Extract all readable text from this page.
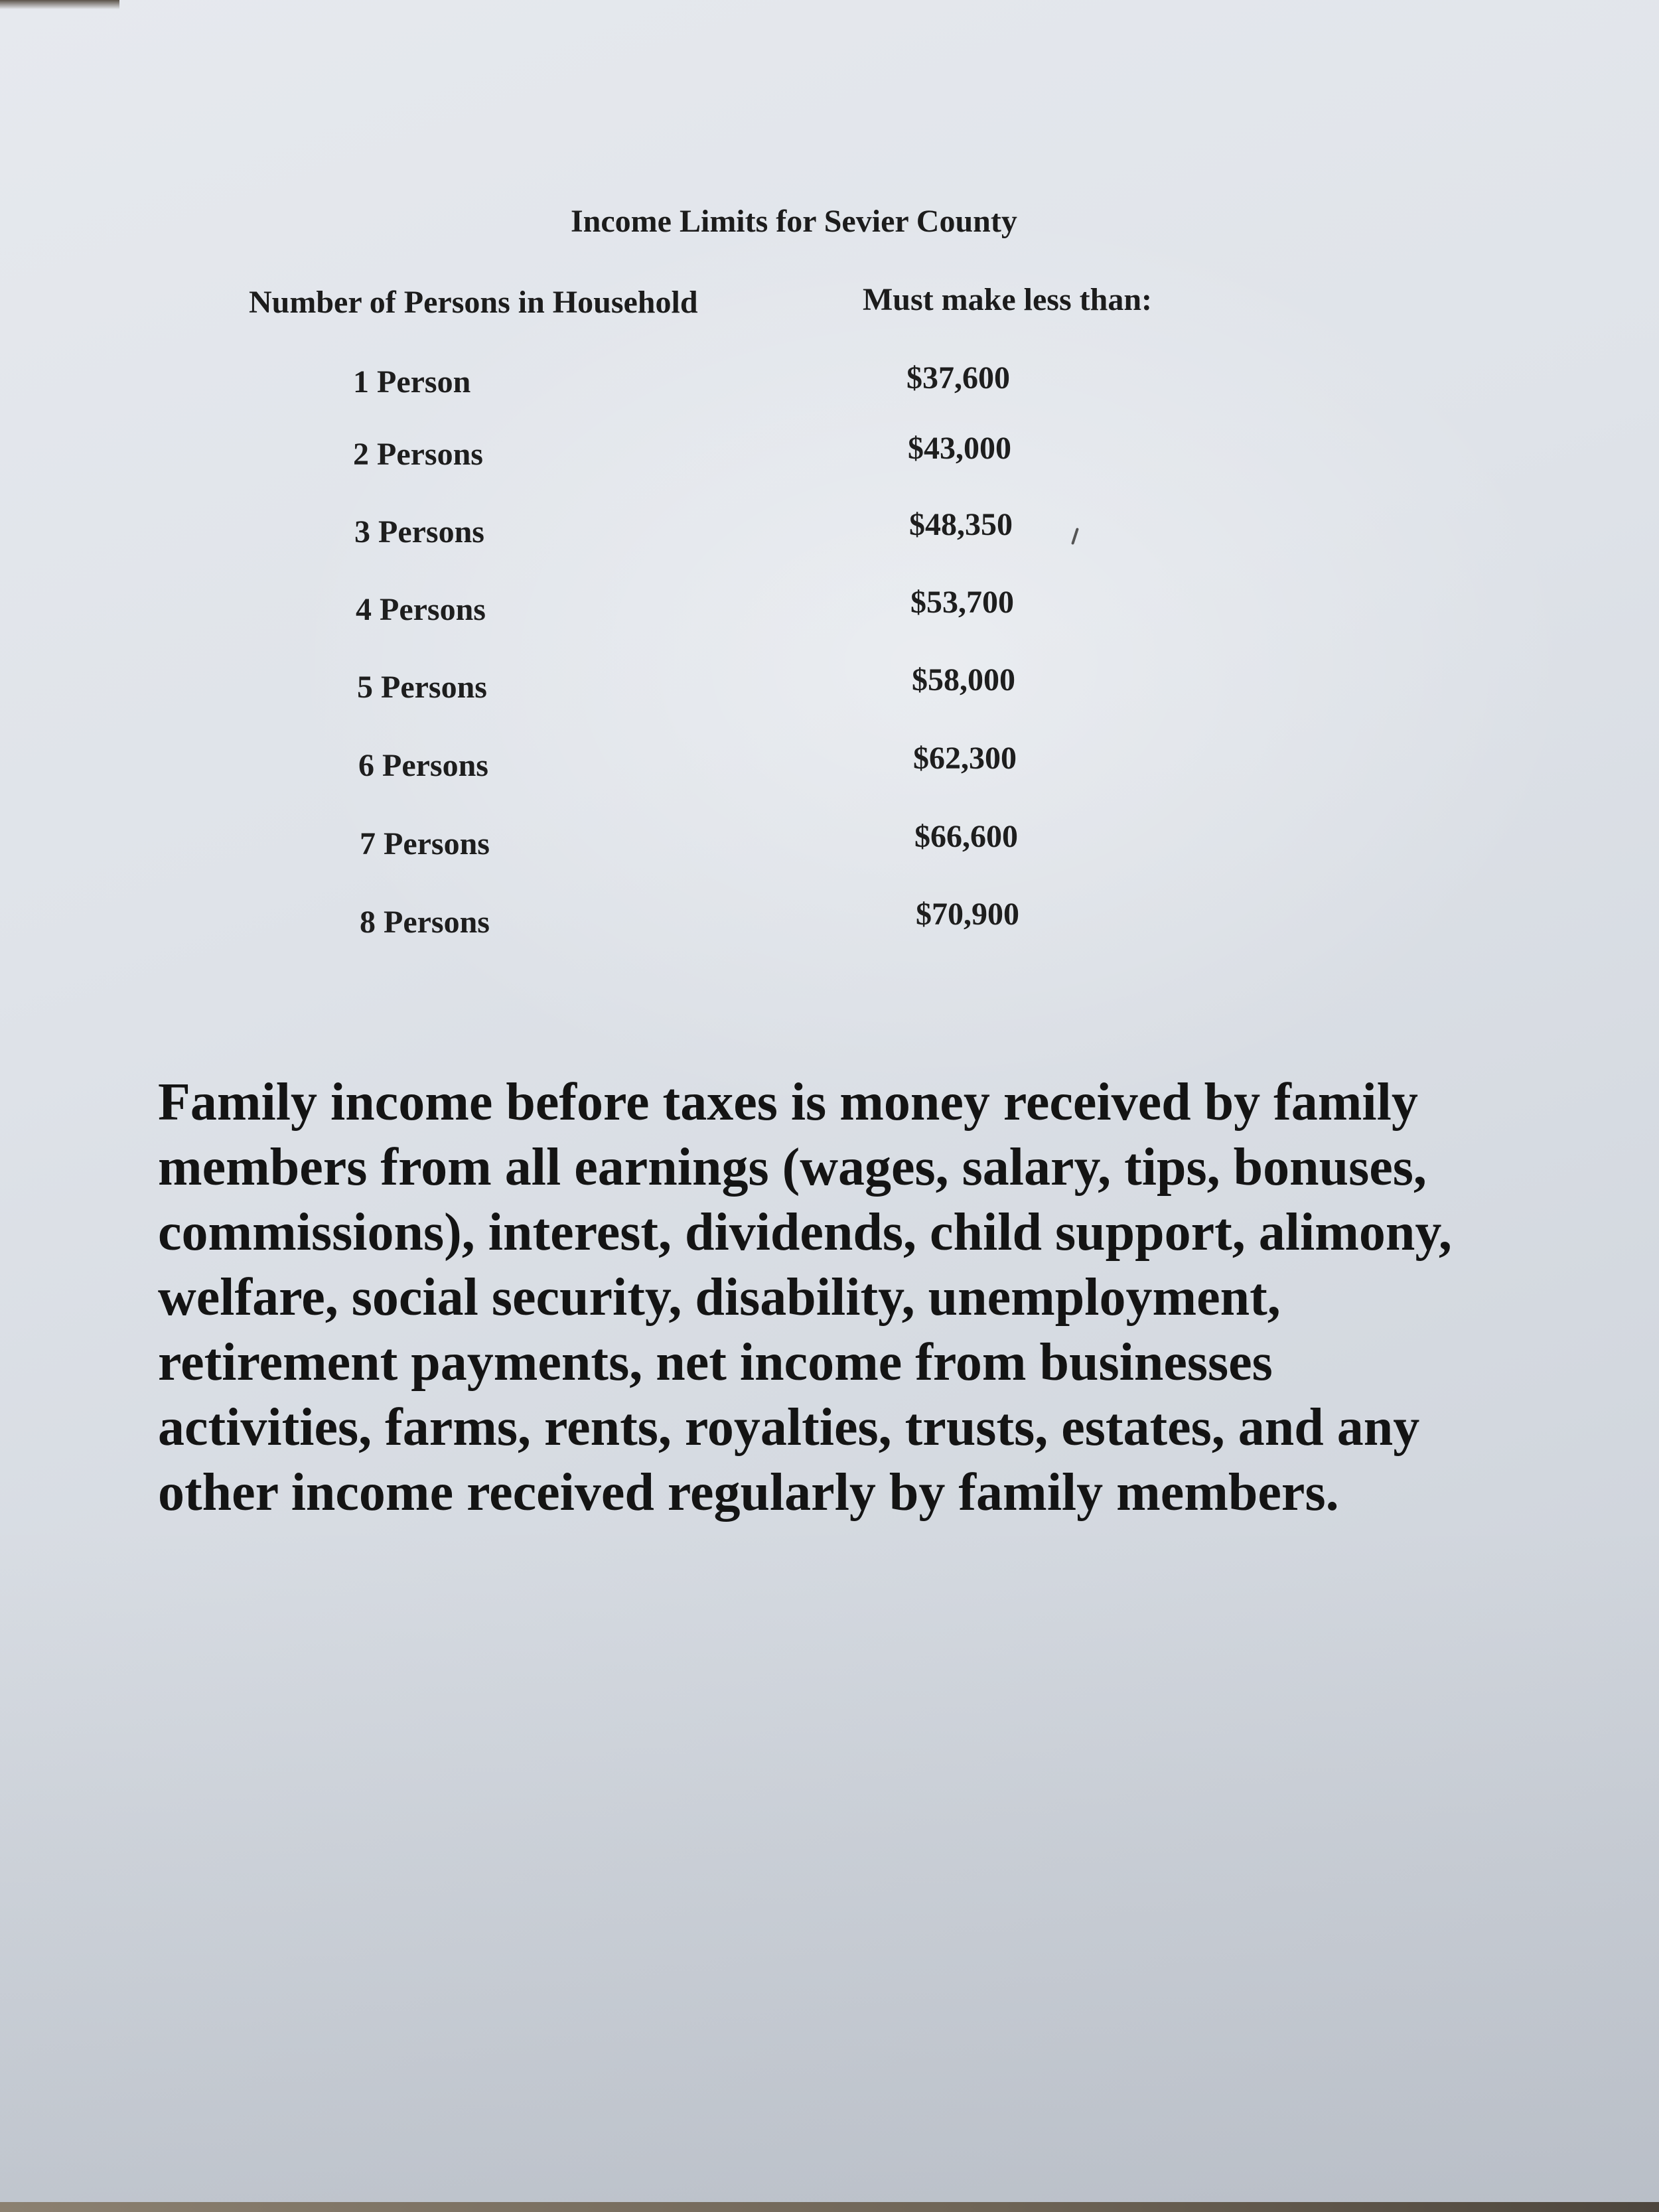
Income Limits for Sevier County
Number of Persons in Household	Must make less than:
1 Person	$37,600
2 Persons	$43,000
3 Persons	$48,350
4 Persons	$53,700
5 Persons	$58,000
6 Persons	$62,300
7 Persons	$66,600
8 Persons	$70,900

Family income before taxes is money received by family
members from all earnings (wages, salary, tips, bonuses,
commissions), interest, dividends, child support, alimony,
welfare, social security, disability, unemployment,
retirement payments, net income from businesses
activities, farms, rents, royalties, trusts, estates, and any
other income received regularly by family members.
